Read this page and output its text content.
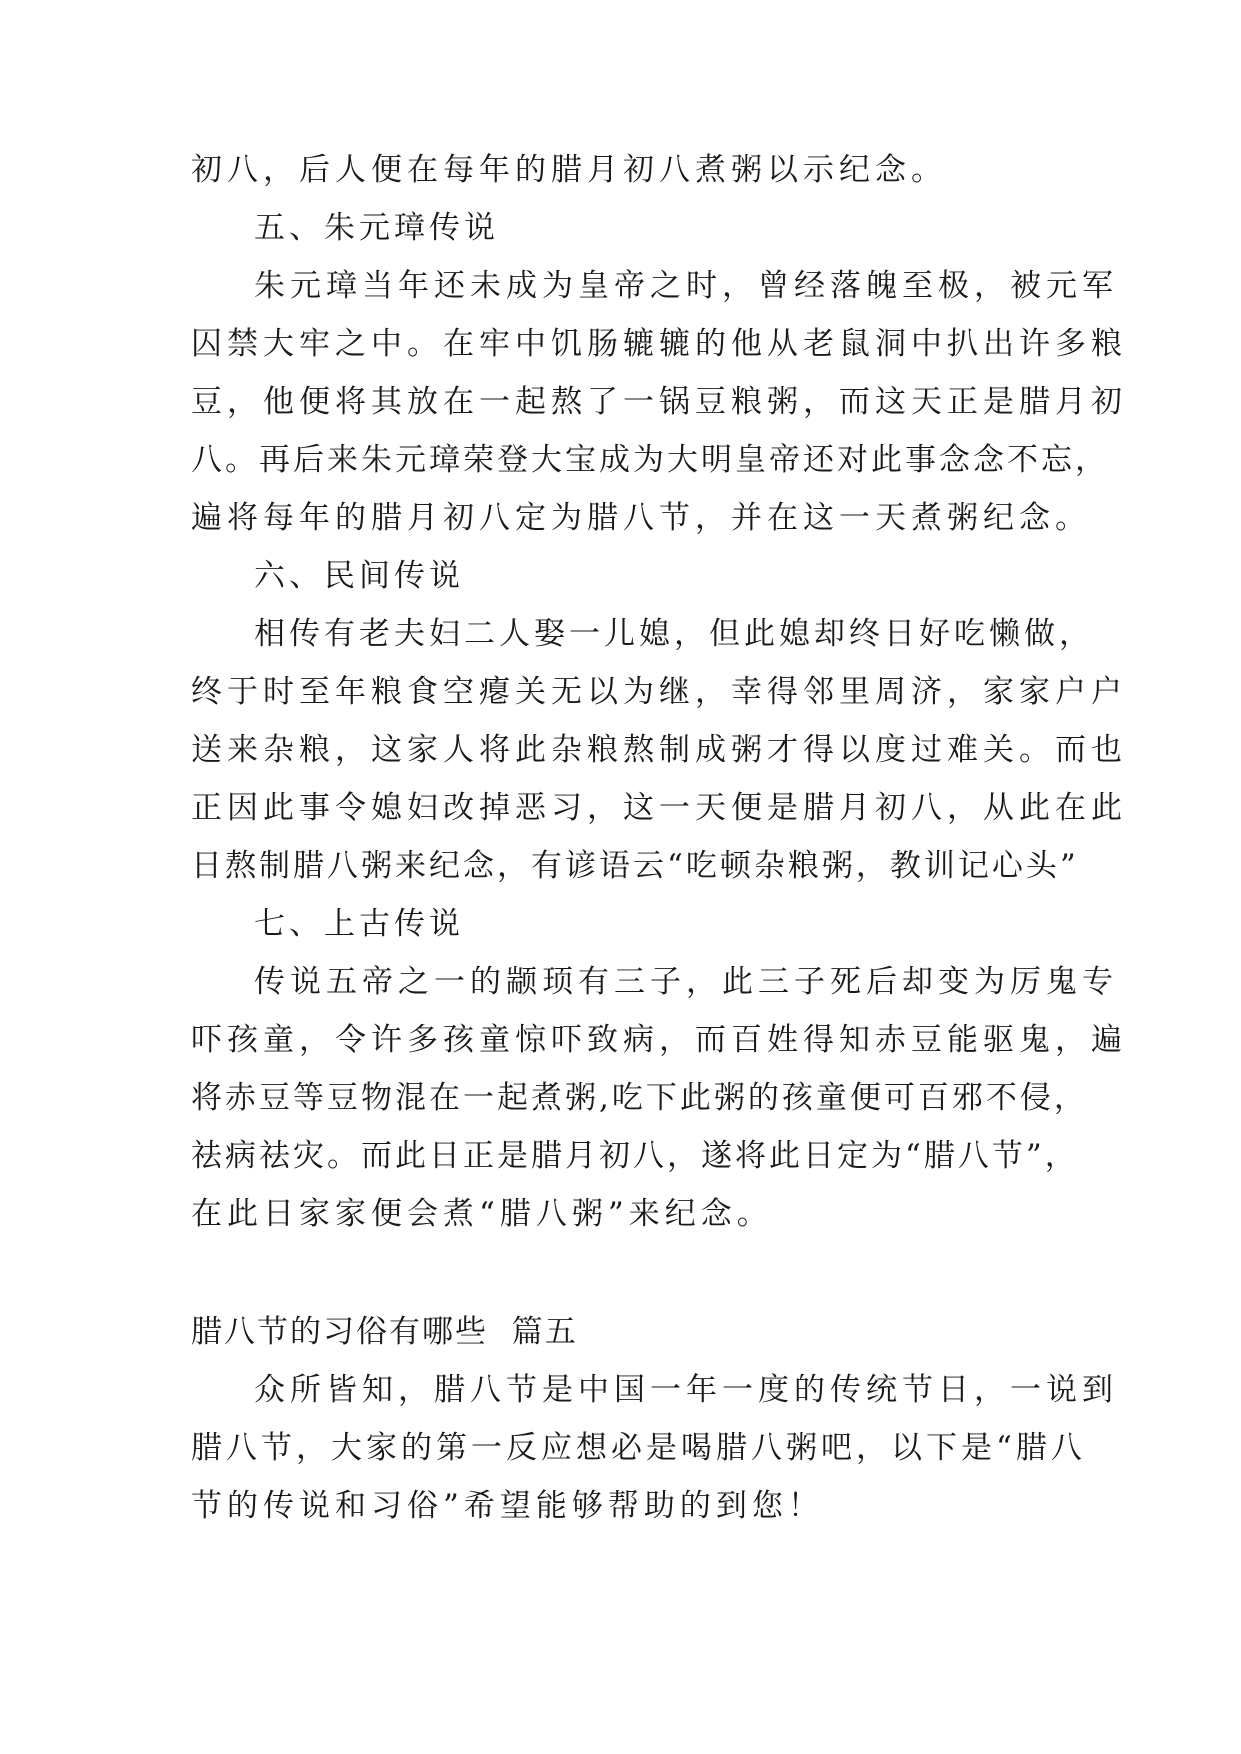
初八，后人便在每年的腊月初八煮粥以示纪念。
五、朱元璋传说
朱元璋当年还未成为皇帝之时，曾经落魄至极，被元军
囚禁大牢之中。在牢中饥肠辘辘的他从老鼠洞中扒出许多粮
豆，他便将其放在一起熬了一锅豆粮粥，而这天正是腊月初
八。再后来朱元璋荣登大宝成为大明皇帝还对此事念念不忘，
遍将每年的腊月初八定为腊八节，并在这一天煮粥纪念。
六、民间传说
相传有老夫妇二人娶一儿媳，但此媳却终日好吃懒做，
终于时至年粮食空瘪关无以为继，幸得邻里周济，家家户户
送来杂粮，这家人将此杂粮熬制成粥才得以度过难关。而也
正因此事令媳妇改掉恶习，这一天便是腊月初八，从此在此
日熬制腊八粥来纪念，有谚语云“吃顿杂粮粥，教训记心头”
七、上古传说
传说五帝之一的颛顼有三子，此三子死后却变为厉鬼专
吓孩童，令许多孩童惊吓致病，而百姓得知赤豆能驱鬼，遍
将赤豆等豆物混在一起煮粥,吃下此粥的孩童便可百邪不侵，
祛病祛灾。而此日正是腊月初八，遂将此日定为“腊八节”，
在此日家家便会煮“腊八粥”来纪念。
腊八节的习俗有哪些  篇五
众所皆知，腊八节是中国一年一度的传统节日，一说到
腊八节，大家的第一反应想必是喝腊八粥吧，以下是“腊八
节的传说和习俗”希望能够帮助的到您！
